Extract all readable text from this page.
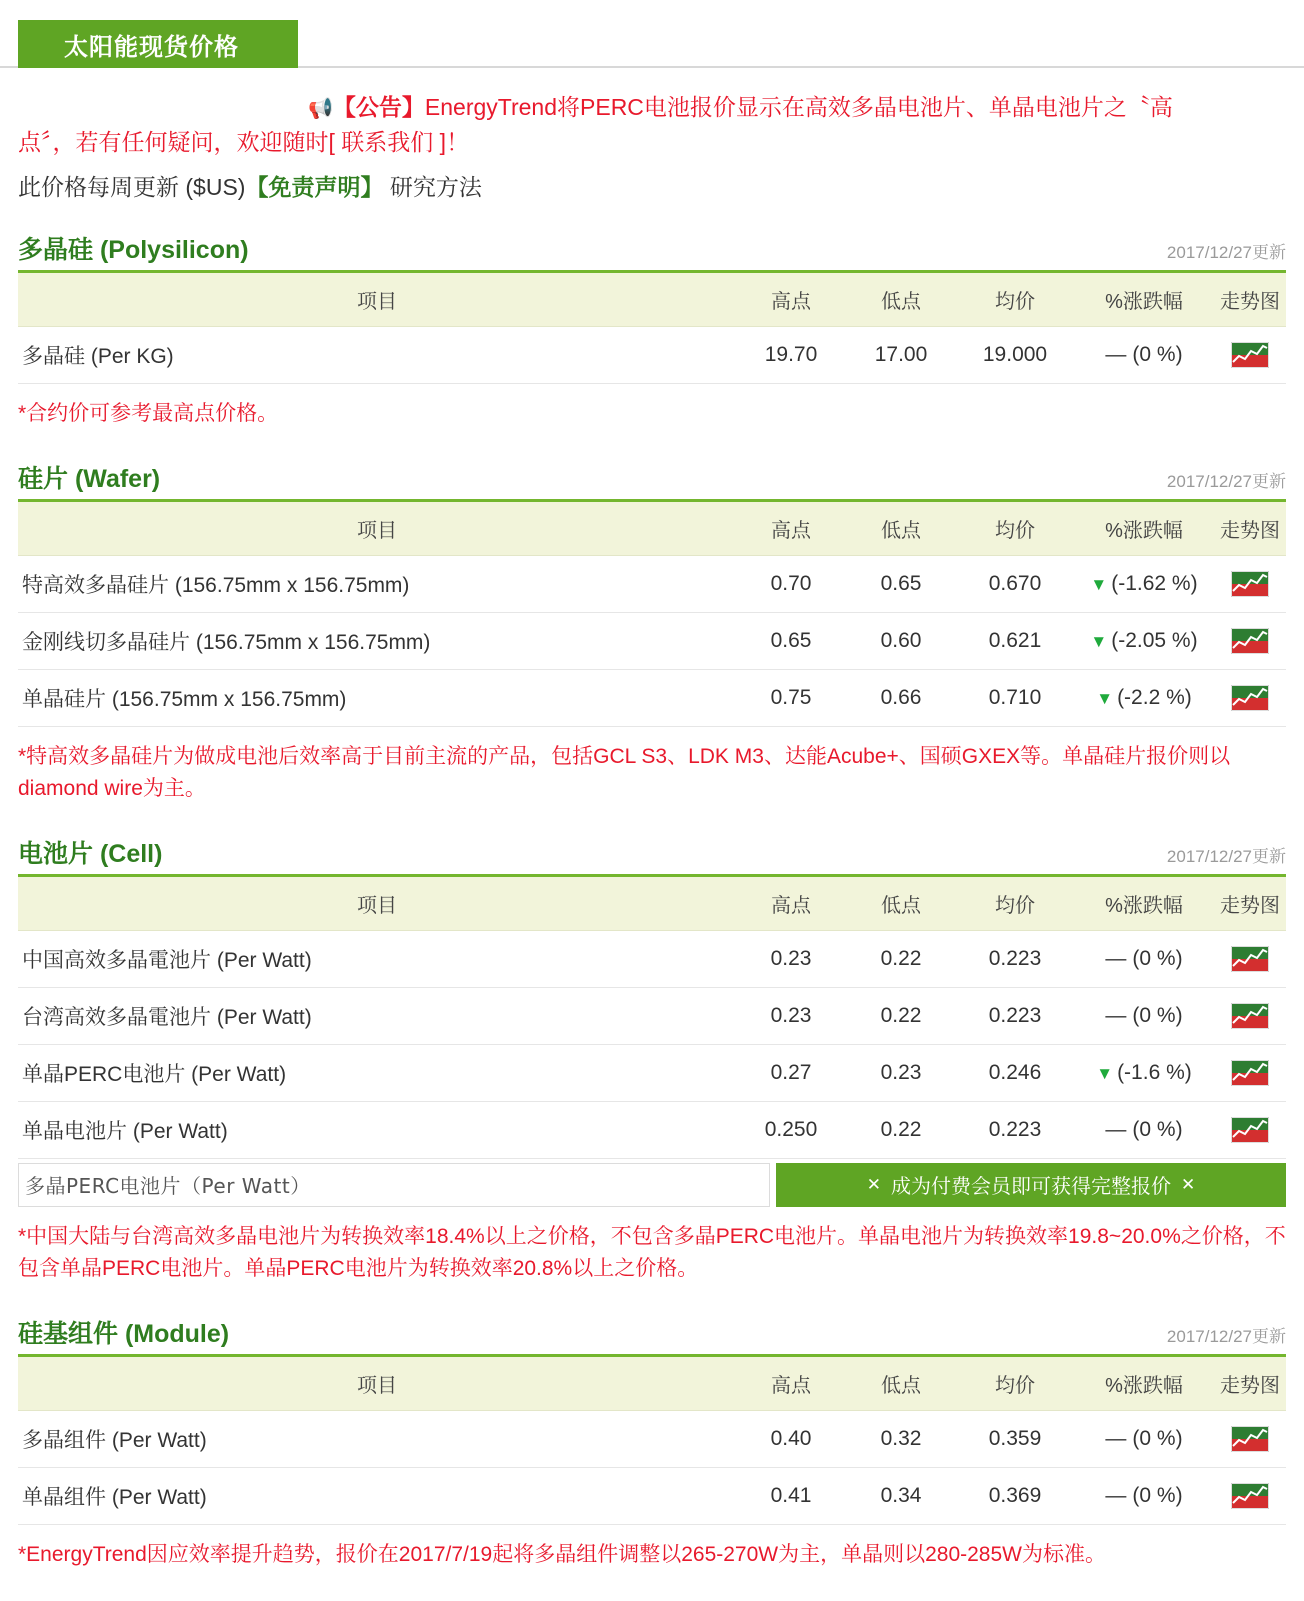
太阳能现货价格
📢【公告】EnergyTrend将PERC电池报价显示在高效多晶电池片、单晶电池片之〝高
点〞，若有任何疑问，欢迎随时[ 联系我们 ]！
此价格每周更新 ($US)【免责声明】 研究方法
多晶硅 (Polysilicon)	2017/12/27更新
项目	高点	低点	均价	%涨跌幅	走势图
多晶硅 (Per KG)	19.70	17.00	19.000	— (0 %)	
*合约价可参考最高点价格。
硅片 (Wafer)	2017/12/27更新
项目	高点	低点	均价	%涨跌幅	走势图
特高效多晶硅片 (156.75mm x 156.75mm)	0.70	0.65	0.670	▼ (-1.62 %)	

金刚线切多晶硅片 (156.75mm x 156.75mm)	0.65	0.60	0.621	▼ (-2.05 %)	

单晶硅片 (156.75mm x 156.75mm)	0.75	0.66	0.710	▼ (-2.2 %)	
*特高效多晶硅片为做成电池后效率高于目前主流的产品，包括GCL S3、LDK M3、达能Acube+、国硕GXEX等。单晶硅片报价则以diamond wire为主。
电池片 (Cell)	2017/12/27更新
项目	高点	低点	均价	%涨跌幅	走势图
中国高效多晶電池片 (Per Watt)	0.23	0.22	0.223	— (0 %)	

台湾高效多晶電池片 (Per Watt)	0.23	0.22	0.223	— (0 %)	

单晶PERC电池片 (Per Watt)	0.27	0.23	0.246	▼ (-1.6 %)	

单晶电池片 (Per Watt)	0.250	0.22	0.223	— (0 %)	
多晶PERC电池片（Per Watt）	✕ 成为付费会员即可获得完整报价 ✕
*中国大陆与台湾高效多晶电池片为转换效率18.4%以上之价格，不包含多晶PERC电池片。单晶电池片为转换效率19.8~20.0%之价格，不包含单晶PERC电池片。单晶PERC电池片为转换效率20.8%以上之价格。
硅基组件 (Module)	2017/12/27更新
项目	高点	低点	均价	%涨跌幅	走势图
多晶组件 (Per Watt)	0.40	0.32	0.359	— (0 %)	

单晶组件 (Per Watt)	0.41	0.34	0.369	— (0 %)	
*EnergyTrend因应效率提升趋势，报价在2017/7/19起将多晶组件调整以265-270W为主，单晶则以280-285W为标准。
